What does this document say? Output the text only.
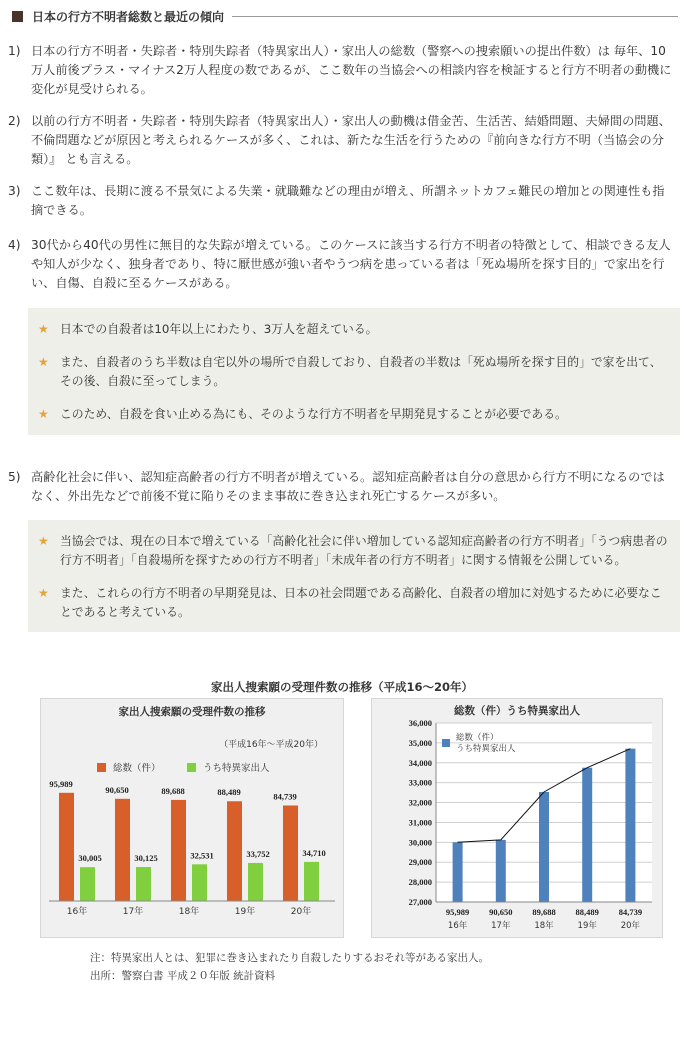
日本の行方不明者総数と最近の傾向
1) 日本の行方不明者・失踪者・特別失踪者（特異家出人）・家出人の総数（警察への捜索願いの提出件数）は 毎年、10万人前後プラス・マイナス2万人程度の数であるが、ここ数年の当協会への相談内容を検証すると行方不明者の動機に変化が見受けられる。
2) 以前の行方不明者・失踪者・特別失踪者（特異家出人）・家出人の動機は借金苦、生活苦、結婚問題、夫婦間の問題、不倫問題などが原因と考えられるケースが多く、これは、新たな生活を行うための『前向きな行方不明（当協会の分類）』 とも言える。
3) ここ数年は、長期に渡る不景気による失業・就職難などの理由が増え、所謂ネットカフェ難民の増加との関連性も指摘できる。
4) 30代から40代の男性に無目的な失踪が増えている。このケースに該当する行方不明者の特徴として、相談できる友人や知人が少なく、独身者であり、特に厭世感が強い者やうつ病を患っている者は「死ぬ場所を探す目的」で家出を行い、自傷、自殺に至るケースがある。
★ 日本での自殺者は10年以上にわたり、3万人を超えている。
★ また、自殺者のうち半数は自宅以外の場所で自殺しており、自殺者の半数は「死ぬ場所を探す目的」で家を出て、その後、自殺に至ってしまう。
★ このため、自殺を食い止める為にも、そのような行方不明者を早期発見することが必要である。
5) 高齢化社会に伴い、認知症高齢者の行方不明者が増えている。認知症高齢者は自分の意思から行方不明になるのではなく、外出先などで前後不覚に陥りそのまま事故に巻き込まれ死亡するケースが多い。
★ 当協会では、現在の日本で増えている「高齢化社会に伴い増加している認知症高齢者の行方不明者」「うつ病患者の行方不明者」「自殺場所を探すための行方不明者」「未成年者の行方不明者」に関する情報を公開している。
★ また、これらの行方不明者の早期発見は、日本の社会問題である高齢化、自殺者の増加に対処するために必要なことであると考えている。
家出人捜索願の受理件数の推移（平成16〜20年）
家出人捜索願の受理件数の推移
（平成16年〜平成20年）
総数（件）	うち特異家出人
95,989
30,005
16年
90,650
30,125
17年
89,688
32,531
18年
88,489
33,752
19年
84,739
34,710
20年
総数（件）うち特異家出人
27,000
28,000
29,000
30,000
31,000
32,000
33,000
34,000
35,000
36,000
総数（件）
うち特異家出人
95,989
16年
90,650
17年
89,688
18年
88,489
19年
84,739
20年
注：特異家出人とは、犯罪に巻き込まれたり自殺したりするおそれ等がある家出人。
出所：警察白書 平成２０年版 統計資料
